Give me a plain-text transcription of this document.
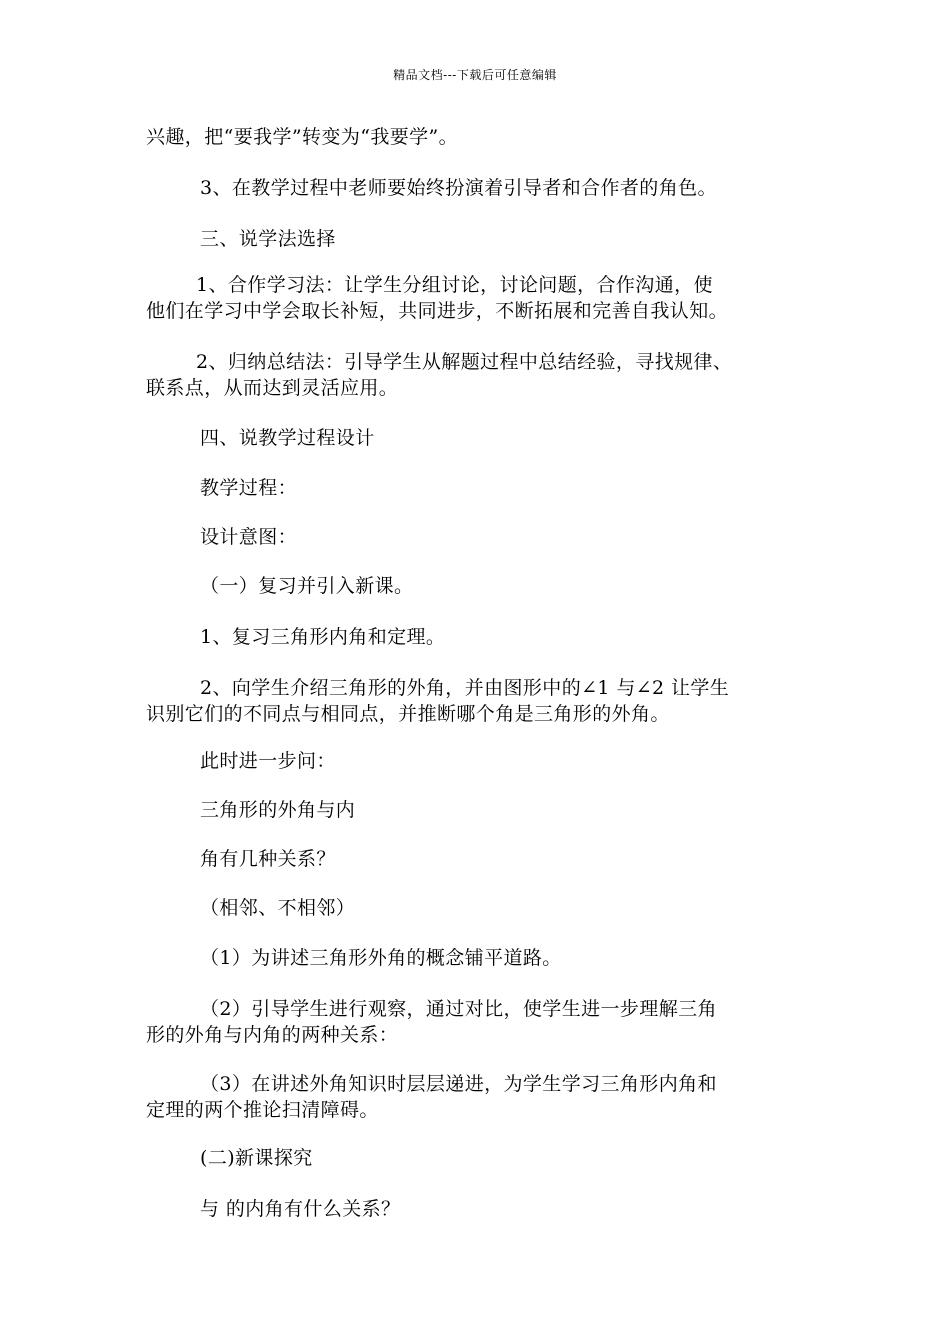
精品文档---下载后可任意编辑
兴趣，把“要我学”转变为“我要学”。
3、在教学过程中老师要始终扮演着引导者和合作者的角色。
三、说学法选择
1、合作学习法：让学生分组讨论，讨论问题，合作沟通，使
他们在学习中学会取长补短，共同进步，不断拓展和完善自我认知。
2、归纳总结法：引导学生从解题过程中总结经验，寻找规律、
联系点，从而达到灵活应用。
四、说教学过程设计
教学过程：
设计意图：
（一）复习并引入新课。
1、复习三角形内角和定理。
2、向学生介绍三角形的外角，并由图形中的∠1 与∠2 让学生
识别它们的不同点与相同点，并推断哪个角是三角形的外角。
此时进一步问：
三角形的外角与内
角有几种关系？
（相邻、不相邻）
（1）为讲述三角形外角的概念铺平道路。
（2）引导学生进行观察，通过对比，使学生进一步理解三角
形的外角与内角的两种关系：
（3）在讲述外角知识时层层递进，为学生学习三角形内角和
定理的两个推论扫清障碍。
(二)新课探究
与 的内角有什么关系？
